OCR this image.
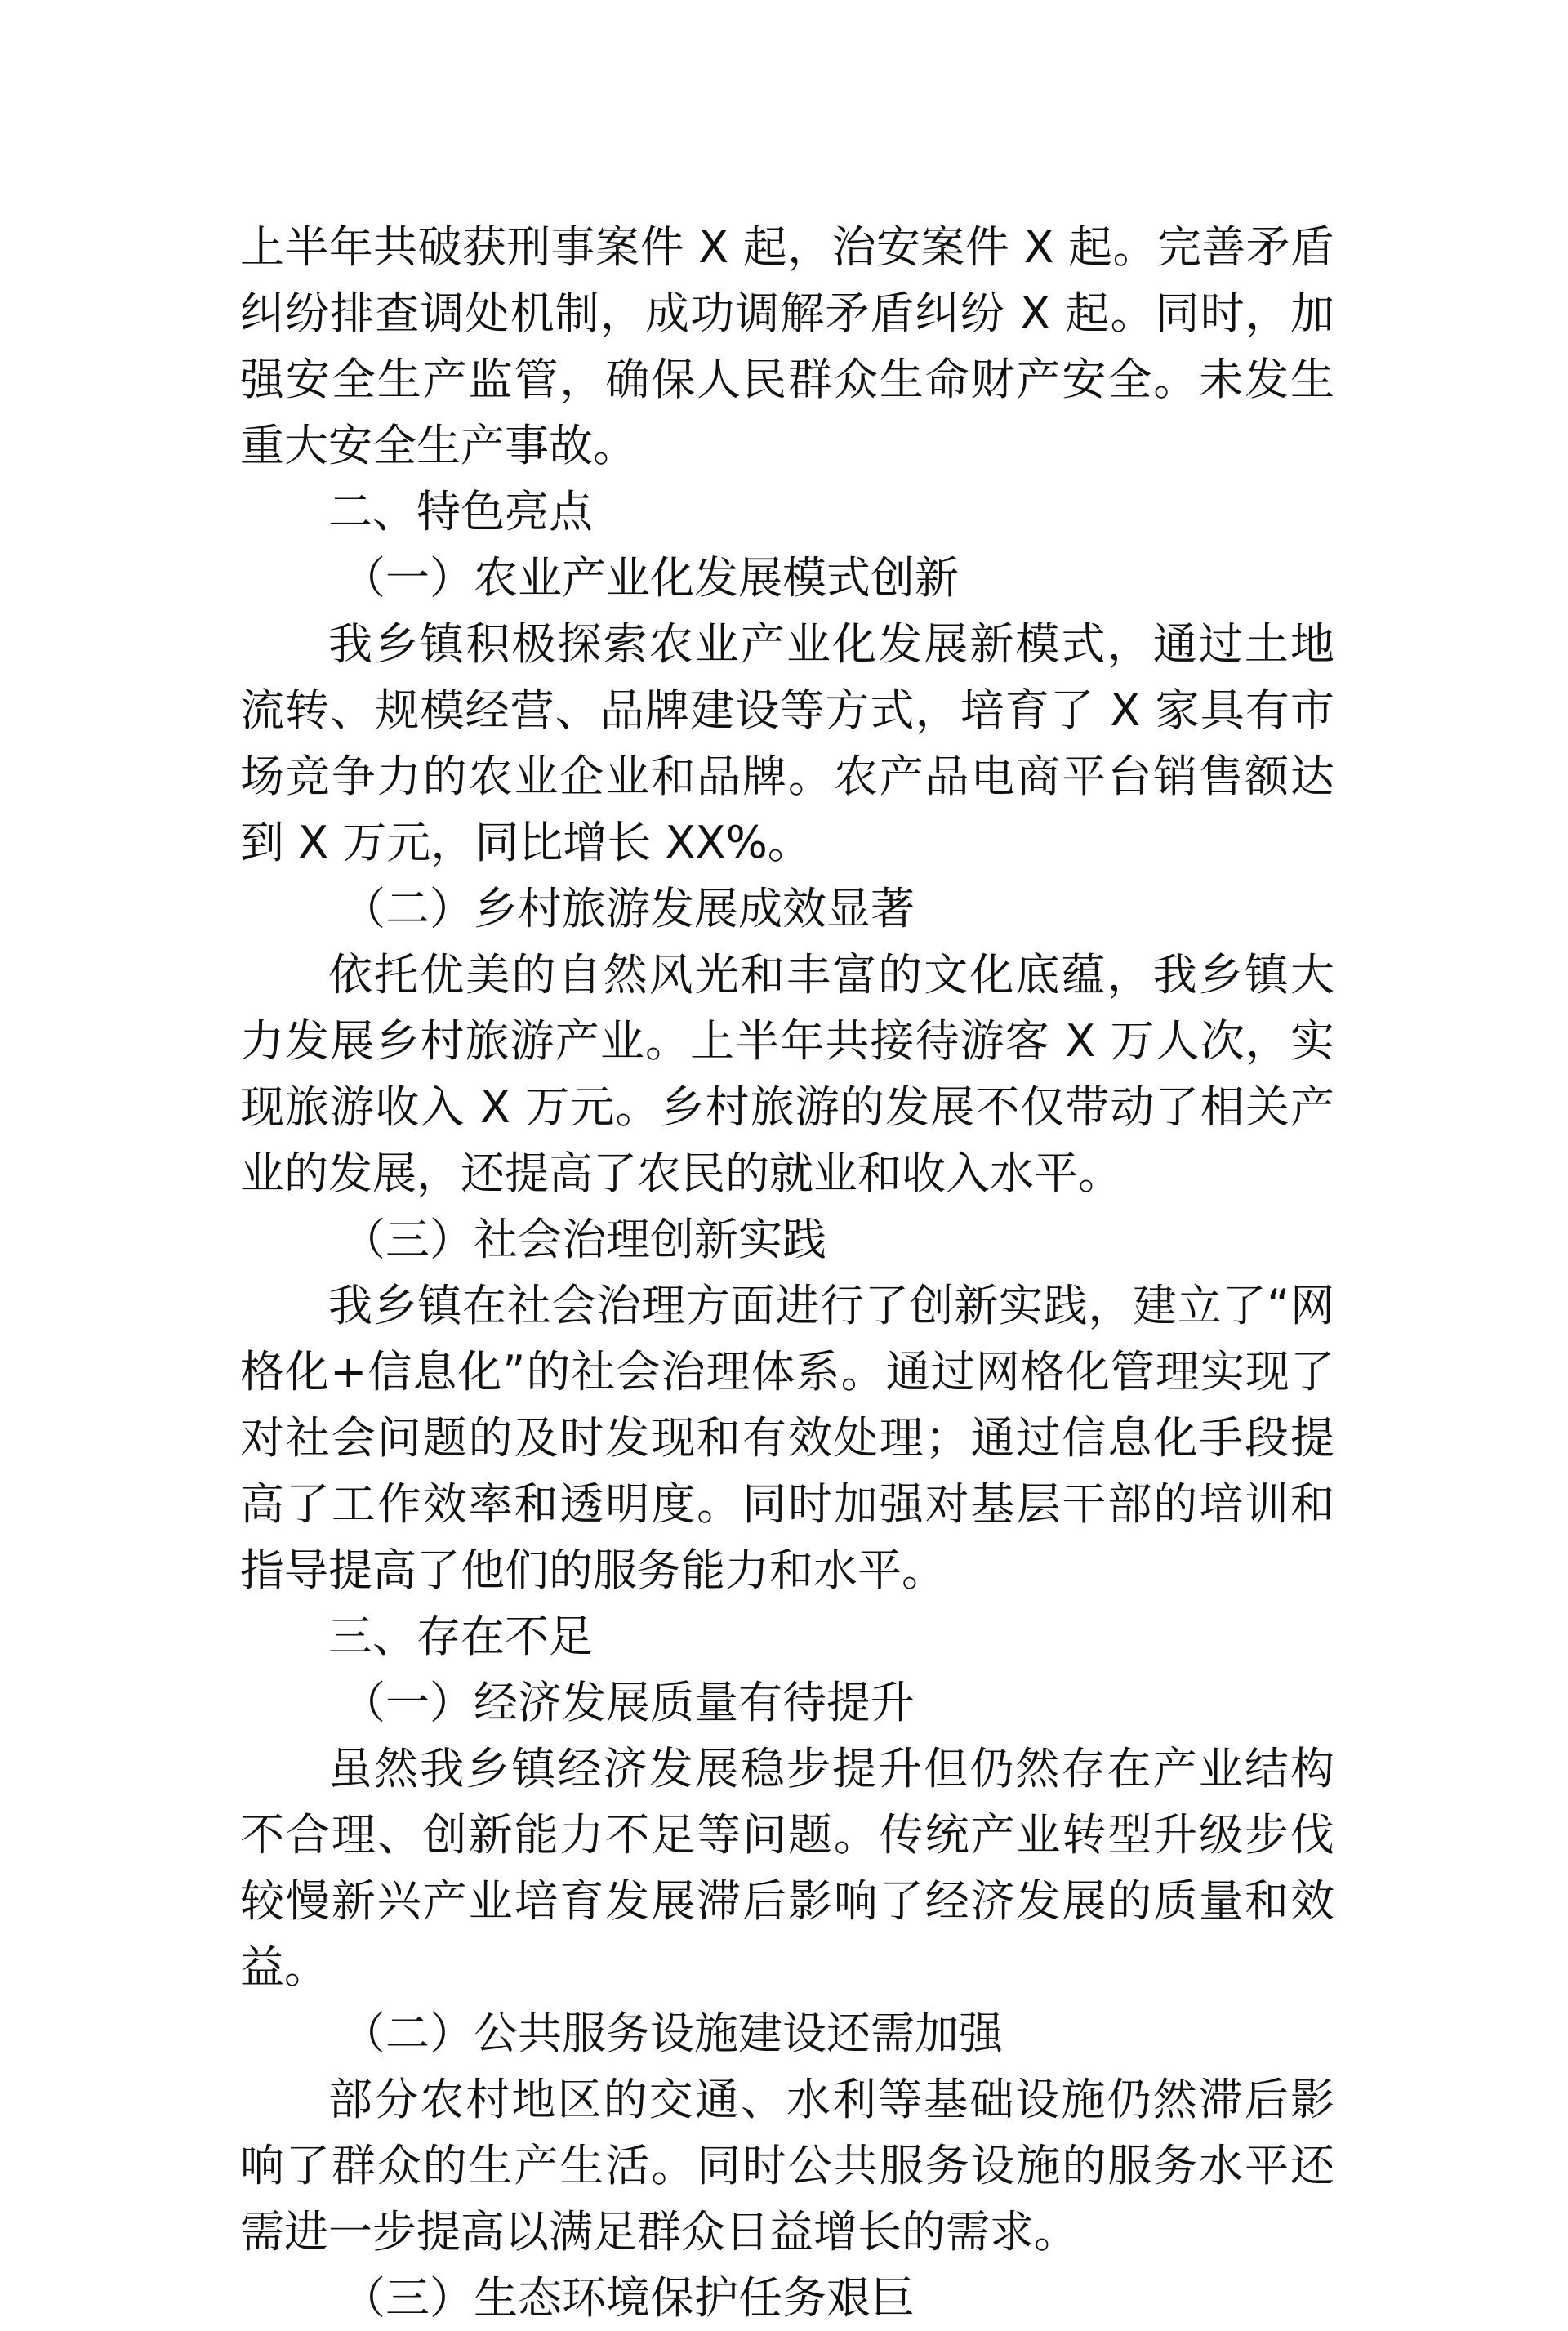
上半年共破获刑事案件 X 起，治安案件 X 起。完善矛盾纠纷排查调处机制，成功调解矛盾纠纷 X 起。同时，加强安全生产监管，确保人民群众生命财产安全。未发生重大安全生产事故。

二、特色亮点

（一）农业产业化发展模式创新

我乡镇积极探索农业产业化发展新模式，通过土地流转、规模经营、品牌建设等方式，培育了 X 家具有市场竞争力的农业企业和品牌。农产品电商平台销售额达到 X 万元，同比增长 XX%。

（二）乡村旅游发展成效显著

依托优美的自然风光和丰富的文化底蕴，我乡镇大力发展乡村旅游产业。上半年共接待游客 X 万人次，实现旅游收入 X 万元。乡村旅游的发展不仅带动了相关产业的发展，还提高了农民的就业和收入水平。

（三）社会治理创新实践

我乡镇在社会治理方面进行了创新实践，建立了“网格化+信息化”的社会治理体系。通过网格化管理实现了对社会问题的及时发现和有效处理；通过信息化手段提高了工作效率和透明度。同时加强对基层干部的培训和指导提高了他们的服务能力和水平。

三、存在不足

（一）经济发展质量有待提升

虽然我乡镇经济发展稳步提升但仍然存在产业结构不合理、创新能力不足等问题。传统产业转型升级步伐较慢新兴产业培育发展滞后影响了经济发展的质量和效益。

（二）公共服务设施建设还需加强

部分农村地区的交通、水利等基础设施仍然滞后影响了群众的生产生活。同时公共服务设施的服务水平还需进一步提高以满足群众日益增长的需求。

（三）生态环境保护任务艰巨
